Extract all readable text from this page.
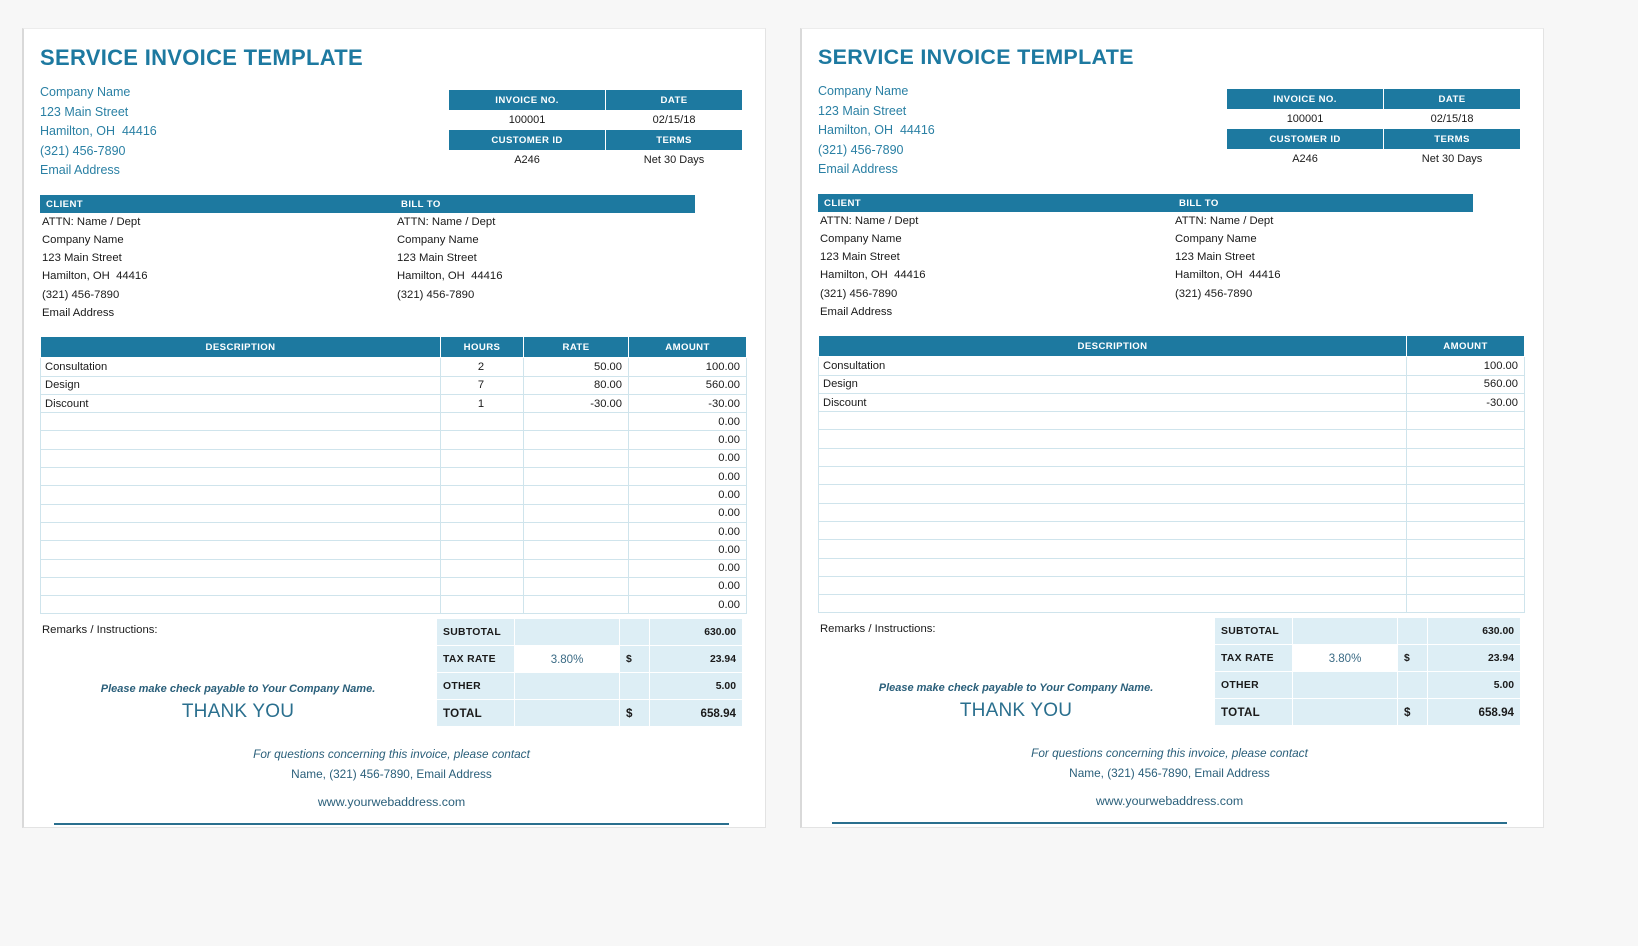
SERVICE INVOICE TEMPLATE
Company Name
123 Main Street
Hamilton, OH  44416
(321) 456-7890
Email Address
INVOICE NO.	DATE
100001	02/15/18
CUSTOMER ID	TERMS
A246	Net 30 Days
CLIENT
ATTN: Name / Dept
Company Name
123 Main Street
Hamilton, OH  44416
(321) 456-7890
Email Address
BILL TO
ATTN: Name / Dept
Company Name
123 Main Street
Hamilton, OH  44416
(321) 456-7890
DESCRIPTION	HOURS	RATE	AMOUNT
Consultation	2	50.00	100.00
Design	7	80.00	560.00
Discount	1	-30.00	-30.00
			0.00
			0.00
			0.00
			0.00
			0.00
			0.00
			0.00
			0.00
			0.00
			0.00
			0.00
Remarks / Instructions:
Please make check payable to Your Company Name.
THANK YOU
SUBTOTAL			630.00
TAX RATE	3.80%	$	23.94
OTHER			5.00
TOTAL		$	658.94
For questions concerning this invoice, please contact
Name, (321) 456-7890, Email Address
www.yourwebaddress.com
SERVICE INVOICE TEMPLATE
Company Name
123 Main Street
Hamilton, OH  44416
(321) 456-7890
Email Address
INVOICE NO.	DATE
100001	02/15/18
CUSTOMER ID	TERMS
A246	Net 30 Days
CLIENT
ATTN: Name / Dept
Company Name
123 Main Street
Hamilton, OH  44416
(321) 456-7890
Email Address
BILL TO
ATTN: Name / Dept
Company Name
123 Main Street
Hamilton, OH  44416
(321) 456-7890
DESCRIPTION	AMOUNT
Consultation	100.00
Design	560.00
Discount	-30.00

Remarks / Instructions:
Please make check payable to Your Company Name.
THANK YOU
SUBTOTAL			630.00
TAX RATE	3.80%	$	23.94
OTHER			5.00
TOTAL		$	658.94
For questions concerning this invoice, please contact
Name, (321) 456-7890, Email Address
www.yourwebaddress.com
